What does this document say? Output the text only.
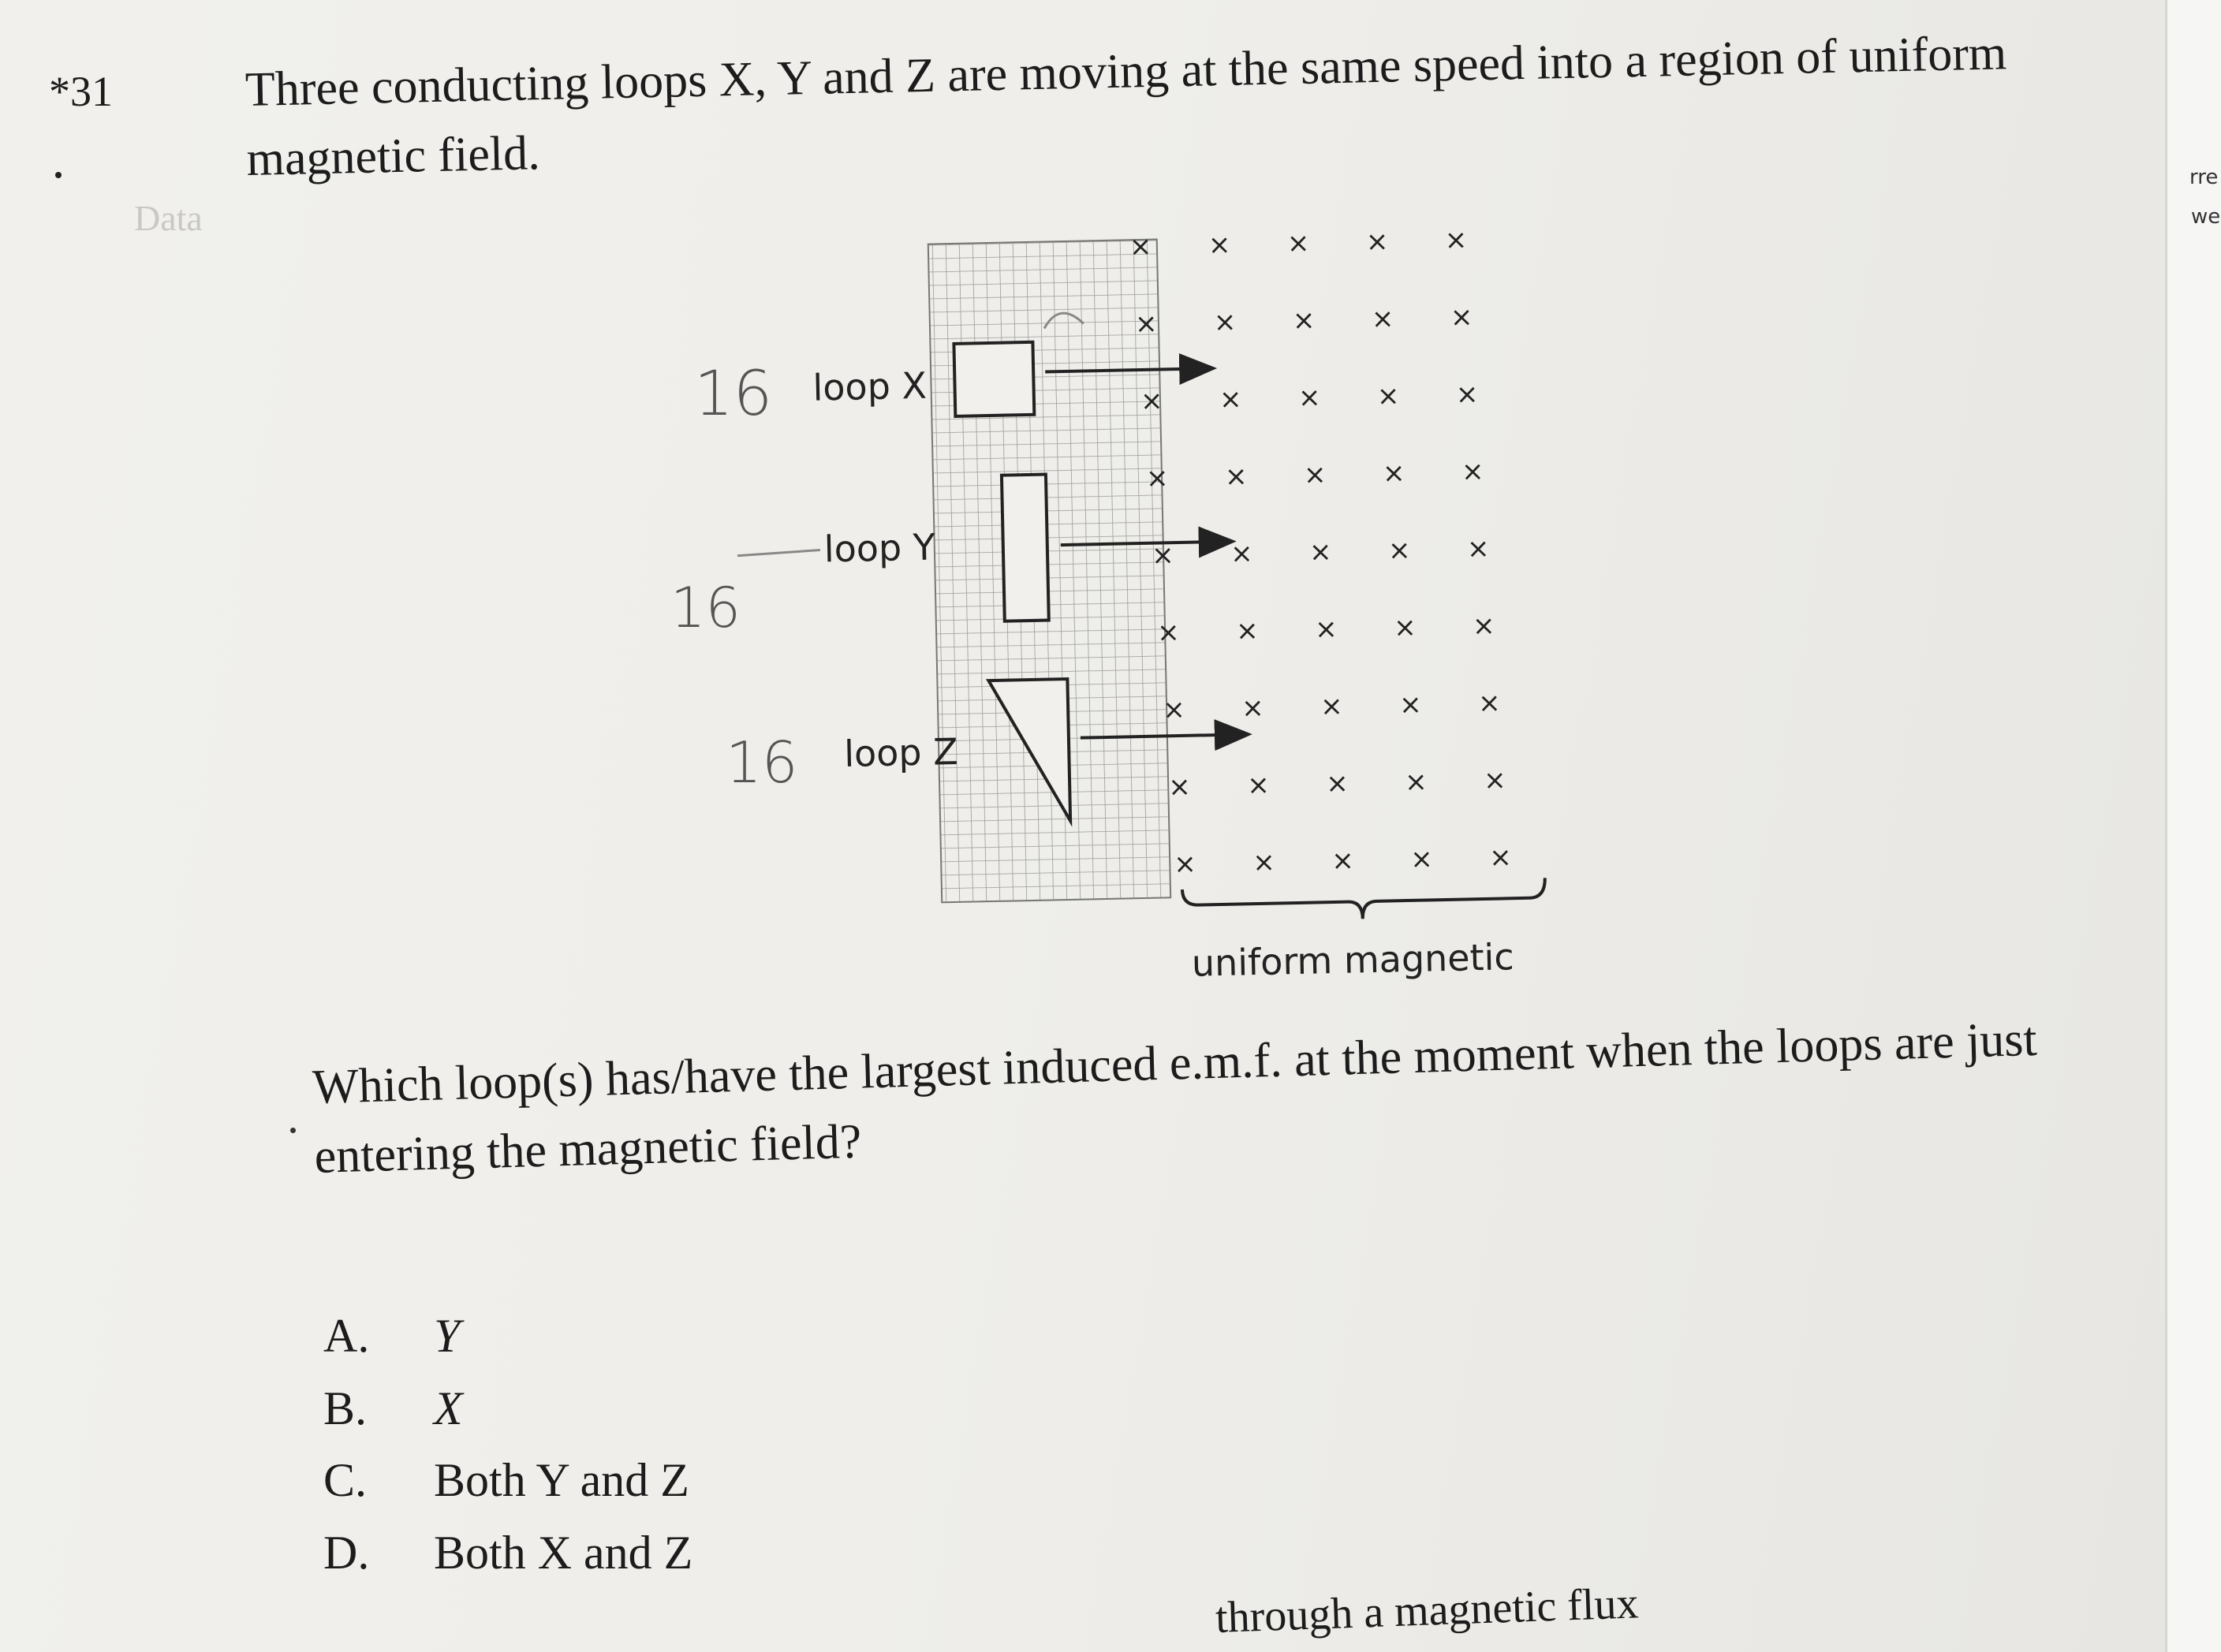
rre
we
Data
*31	Three conducting loops X, Y and Z are moving at the same speed into a region of uniform magnetic field.
× × × × ×
× × × × ×
× × × × ×
× × × × ×
× × × × ×
× × × × ×
× × × × ×
× × × × ×
× × × × ×
uniform magnetic
loop X
loop Y
loop Z
16
16
16
Which loop(s) has/have the largest induced e.m.f. at the moment when the loops are just entering the magnetic field?
A. Y
B. X
C. Both Y and Z
D. Both X and Z
through a magnetic flux
